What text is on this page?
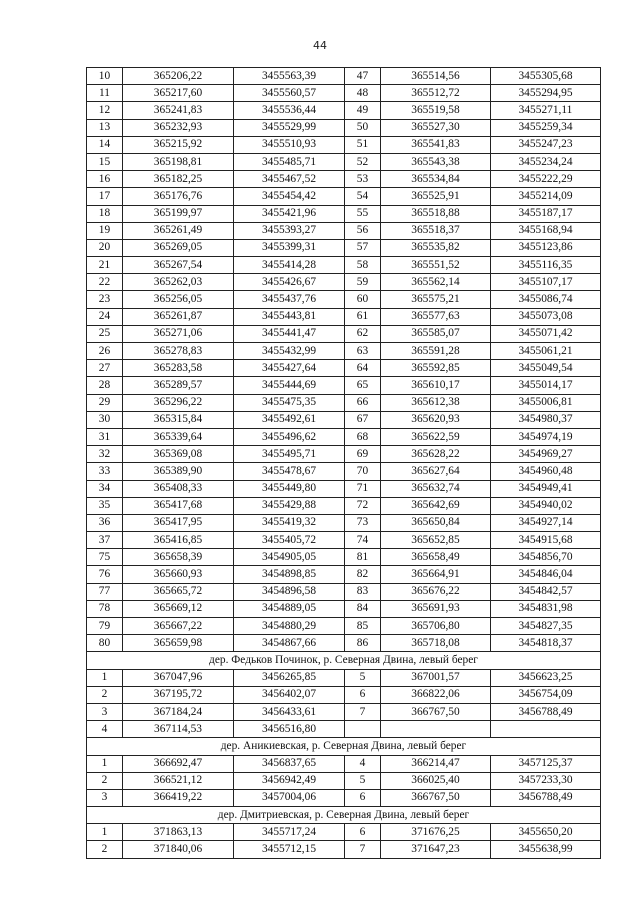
44
10	365206,22	3455563,39	47	365514,56	3455305,68
11	365217,60	3455560,57	48	365512,72	3455294,95
12	365241,83	3455536,44	49	365519,58	3455271,11
13	365232,93	3455529,99	50	365527,30	3455259,34
14	365215,92	3455510,93	51	365541,83	3455247,23
15	365198,81	3455485,71	52	365543,38	3455234,24
16	365182,25	3455467,52	53	365534,84	3455222,29
17	365176,76	3455454,42	54	365525,91	3455214,09
18	365199,97	3455421,96	55	365518,88	3455187,17
19	365261,49	3455393,27	56	365518,37	3455168,94
20	365269,05	3455399,31	57	365535,82	3455123,86
21	365267,54	3455414,28	58	365551,52	3455116,35
22	365262,03	3455426,67	59	365562,14	3455107,17
23	365256,05	3455437,76	60	365575,21	3455086,74
24	365261,87	3455443,81	61	365577,63	3455073,08
25	365271,06	3455441,47	62	365585,07	3455071,42
26	365278,83	3455432,99	63	365591,28	3455061,21
27	365283,58	3455427,64	64	365592,85	3455049,54
28	365289,57	3455444,69	65	365610,17	3455014,17
29	365296,22	3455475,35	66	365612,38	3455006,81
30	365315,84	3455492,61	67	365620,93	3454980,37
31	365339,64	3455496,62	68	365622,59	3454974,19
32	365369,08	3455495,71	69	365628,22	3454969,27
33	365389,90	3455478,67	70	365627,64	3454960,48
34	365408,33	3455449,80	71	365632,74	3454949,41
35	365417,68	3455429,88	72	365642,69	3454940,02
36	365417,95	3455419,32	73	365650,84	3454927,14
37	365416,85	3455405,72	74	365652,85	3454915,68
75	365658,39	3454905,05	81	365658,49	3454856,70
76	365660,93	3454898,85	82	365664,91	3454846,04
77	365665,72	3454896,58	83	365676,22	3454842,57
78	365669,12	3454889,05	84	365691,93	3454831,98
79	365667,22	3454880,29	85	365706,80	3454827,35
80	365659,98	3454867,66	86	365718,08	3454818,37
дер. Федьков Починок, р. Северная Двина, левый берег					
1	367047,96	3456265,85	5	367001,57	3456623,25
2	367195,72	3456402,07	6	366822,06	3456754,09
3	367184,24	3456433,61	7	366767,50	3456788,49
4	367114,53	3456516,80			
дер. Аникиевская, р. Северная Двина, левый берег					
1	366692,47	3456837,65	4	366214,47	3457125,37
2	366521,12	3456942,49	5	366025,40	3457233,30
3	366419,22	3457004,06	6	366767,50	3456788,49
дер. Дмитриевская, р. Северная Двина, левый берег					
1	371863,13	3455717,24	6	371676,25	3455650,20
2	371840,06	3455712,15	7	371647,23	3455638,99
